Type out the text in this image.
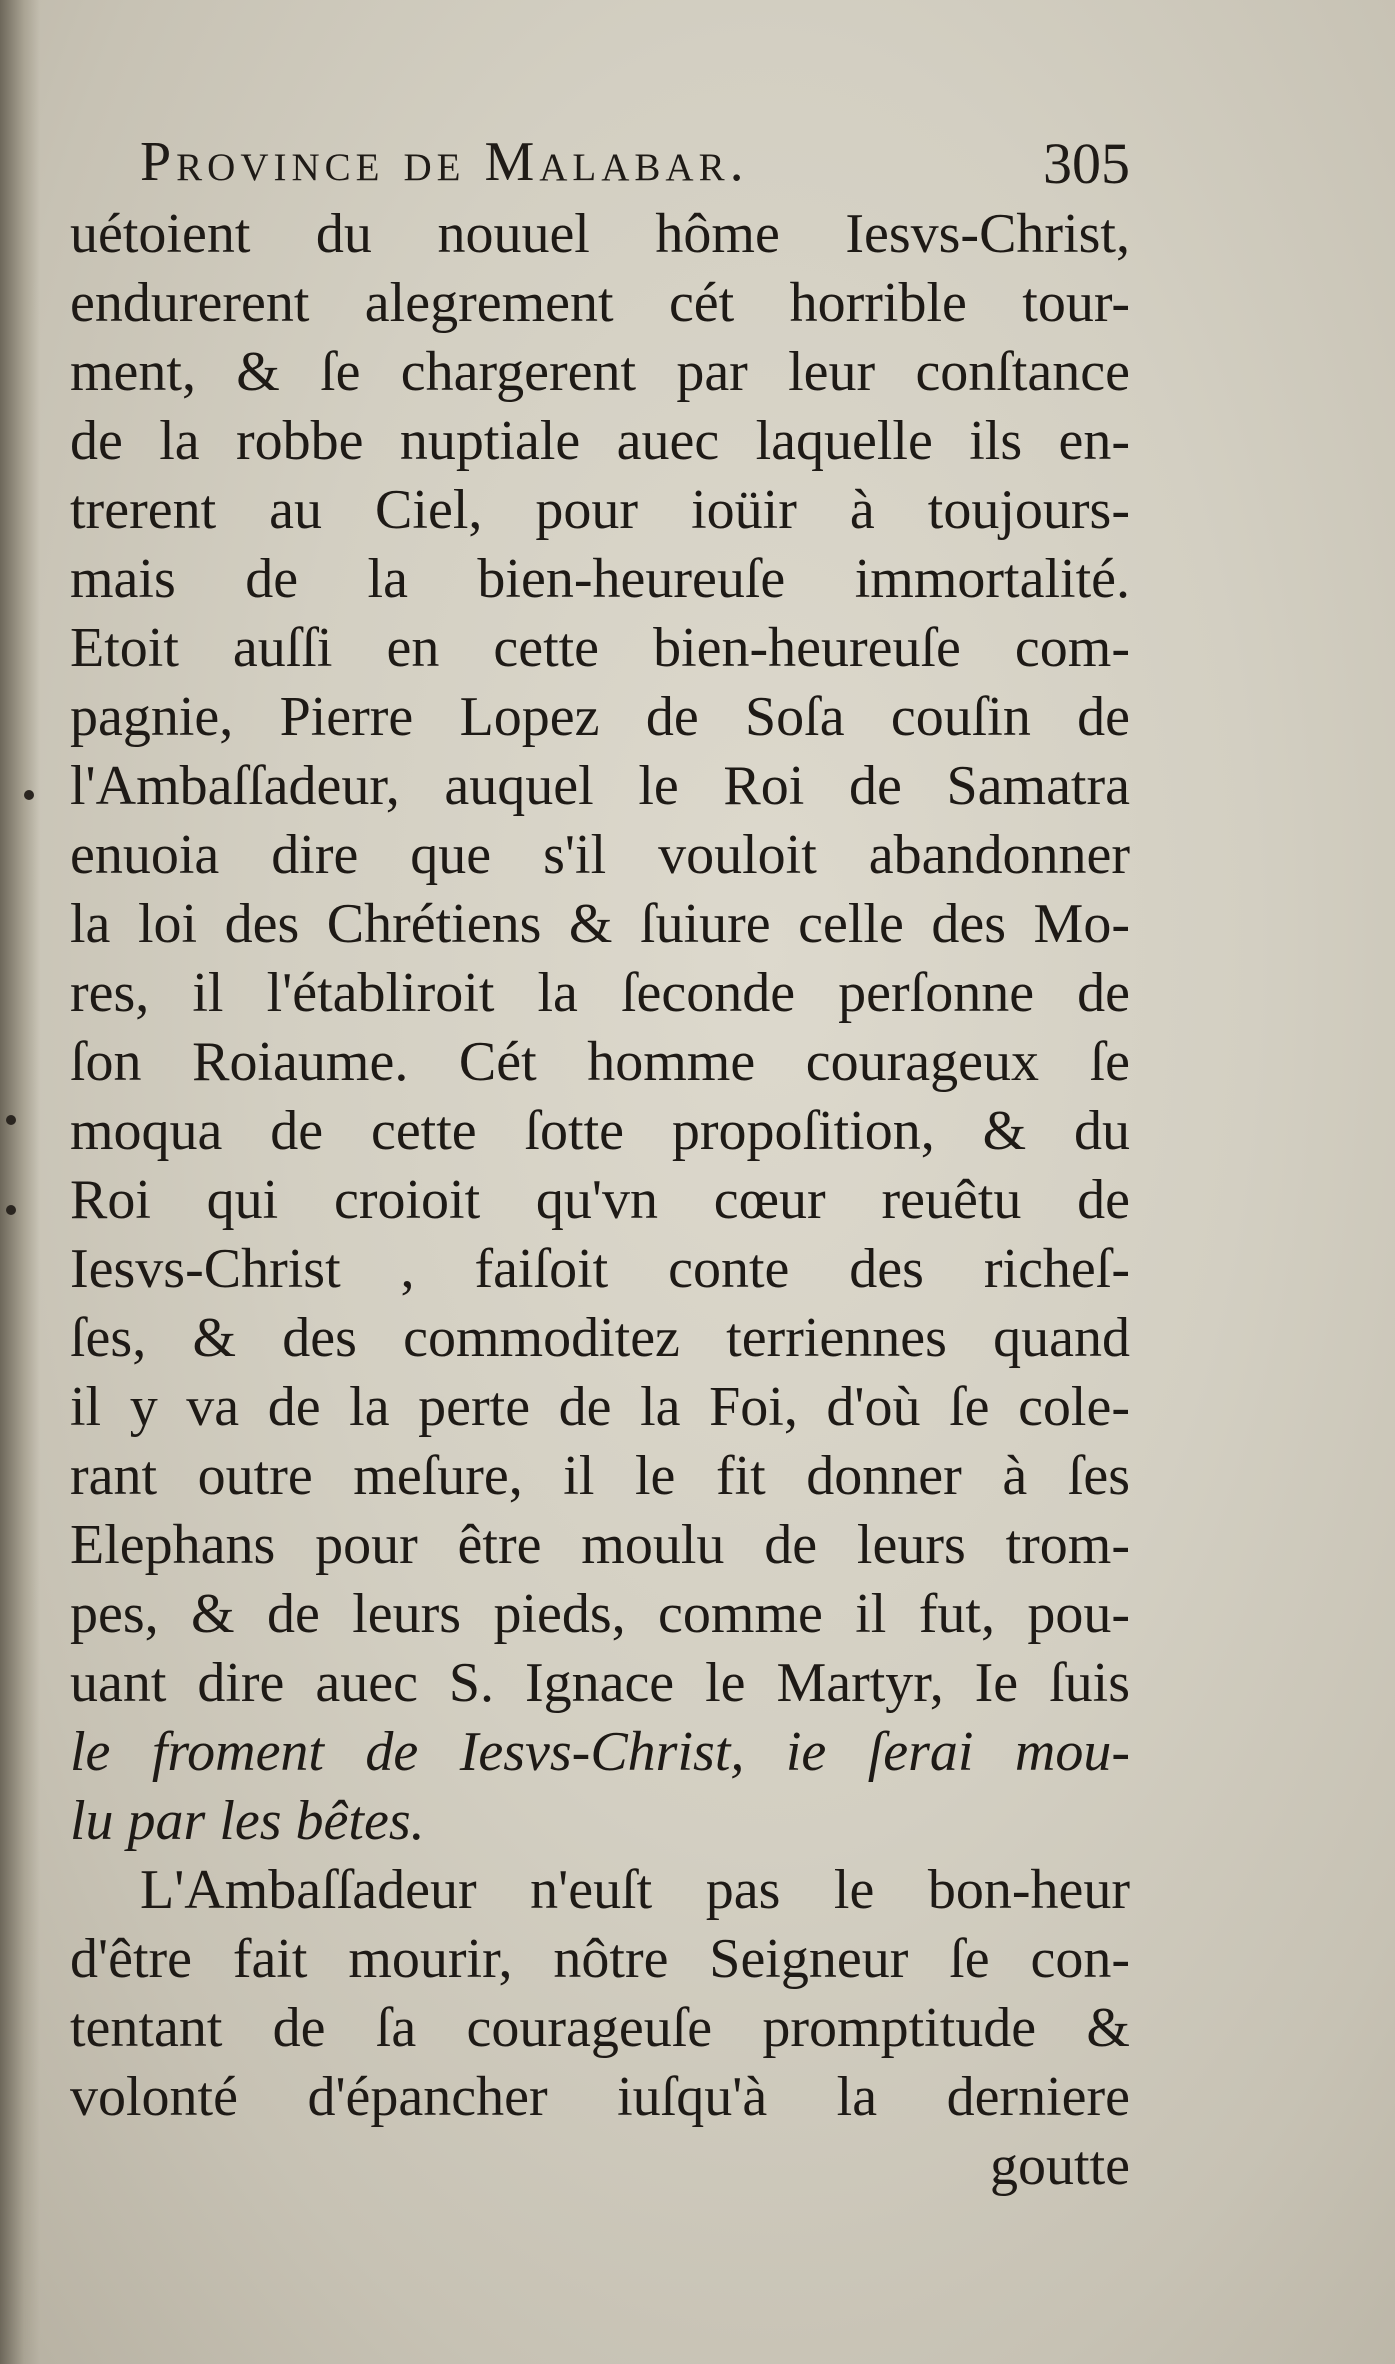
Province de Malabar.	305
uétoient du nouuel hôme Iesvs-Christ,
endurerent alegrement cét horrible tour-
ment, & ſe chargerent par leur conſtance
de la robbe nuptiale auec laquelle ils en-
trerent au Ciel, pour ioüir à toujours-
mais de la bien-heureuſe immortalité.
Etoit auſſi en cette bien-heureuſe com-
pagnie, Pierre Lopez de Soſa couſin de
l'Ambaſſadeur, auquel le Roi de Samatra
enuoia dire que s'il vouloit abandonner
la loi des Chrétiens & ſuiure celle des Mo-
res, il l'établiroit la ſeconde perſonne de
ſon Roiaume. Cét homme courageux ſe
moqua de cette ſotte propoſition, & du
Roi qui croioit qu'vn cœur reuêtu de
Iesvs-Christ , faiſoit conte des richeſ-
ſes, & des commoditez terriennes quand
il y va de la perte de la Foi, d'où ſe cole-
rant outre meſure, il le fit donner à ſes
Elephans pour être moulu de leurs trom-
pes, & de leurs pieds, comme il fut, pou-
uant dire auec S. Ignace le Martyr, Ie ſuis
le froment de Iesvs-Christ, ie ſerai mou-
lu par les bêtes.
L'Ambaſſadeur n'euſt pas le bon-heur
d'être fait mourir, nôtre Seigneur ſe con-
tentant de ſa courageuſe promptitude &
volonté d'épancher iuſqu'à la derniere
goutte
